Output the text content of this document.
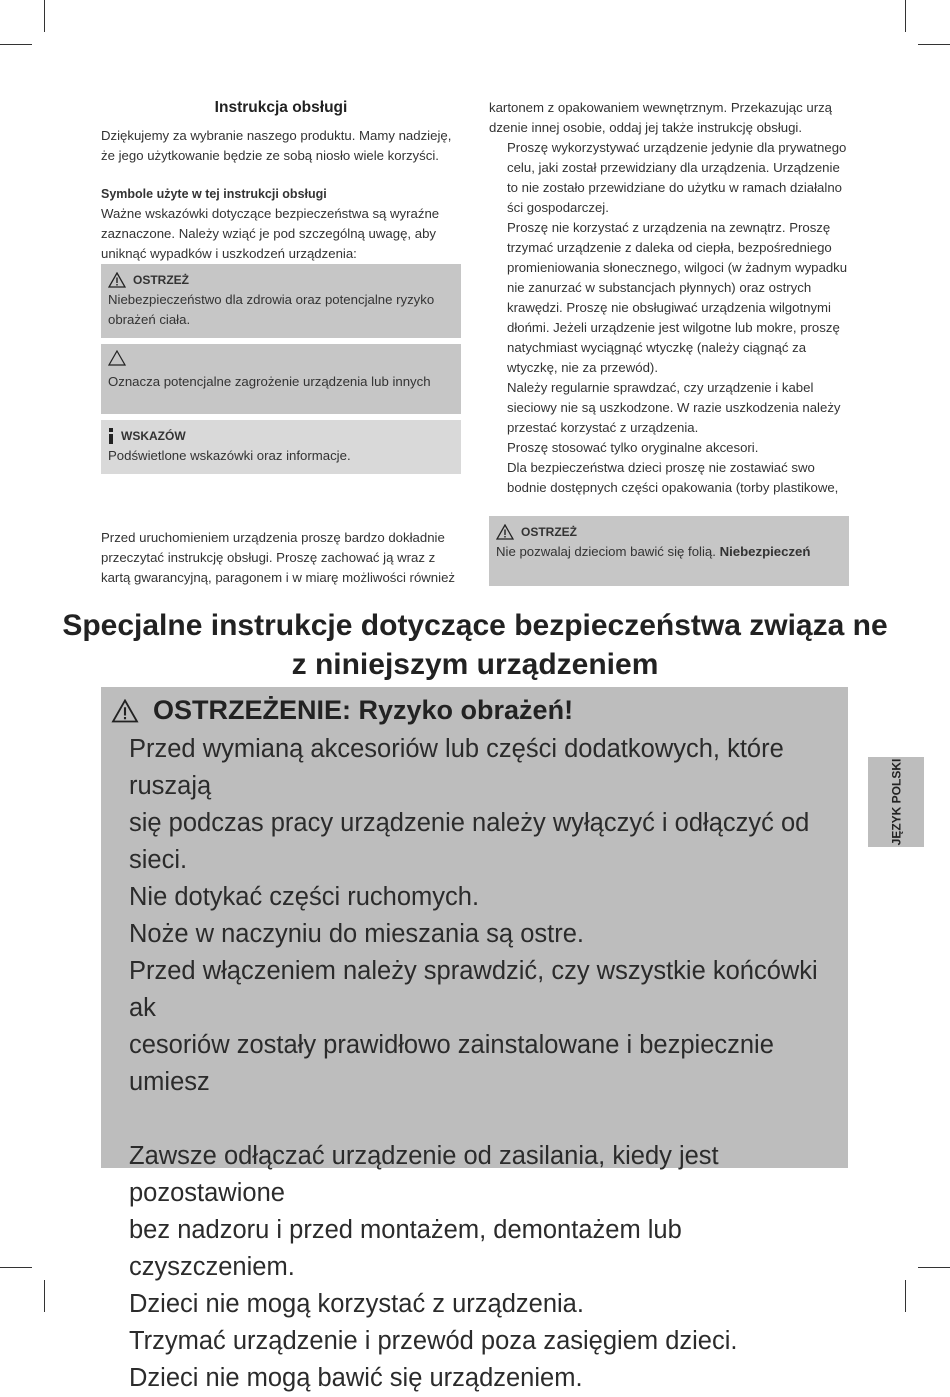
Instrukcja obsługi

Dziękujemy za wybranie naszego produktu. Mamy nadzieję, że jego użytkowanie będzie ze sobą niosło wiele korzyści.

Symbole użyte w tej instrukcji obsługi

Ważne wskazówki dotyczące bezpieczeństwa są wyraźne zaznaczone. Należy wziąć je pod szczególną uwagę, aby uniknąć wypadków i uszkodzeń urządzenia:

OSTRZEŻ

Niebezpieczeństwo dla zdrowia oraz potencjalne ryzyko obrażeń ciała.

Oznacza potencjalne zagrożenie urządzenia lub innych

WSKAZÓW

Podświetlone wskazówki oraz informacje.

Przed uruchomieniem urządzenia proszę bardzo dokładnie przeczytać instrukcję obsługi. Proszę zachować ją wraz z kartą gwarancyjną, paragonem i w miarę możliwości również

kartonem z opakowaniem wewnętrznym. Przekazując urzą dzenie innej osobie, oddaj jej także instrukcję obsługi.

Proszę wykorzystywać urządzenie jedynie dla prywatnego celu, jaki został przewidziany dla urządzenia. Urządzenie to nie zostało przewidziane do użytku w ramach działalno ści gospodarczej.

Proszę nie korzystać z urządzenia na zewnątrz. Proszę trzymać urządzenie z daleka od ciepła, bezpośredniego promieniowania słonecznego, wilgoci (w żadnym wypadku nie zanurzać w substancjach płynnych) oraz ostrych krawędzi. Proszę nie obsługiwać urządzenia wilgotnymi dłońmi. Jeżeli urządzenie jest wilgotne lub mokre, proszę natychmiast wyciągnąć wtyczkę (należy ciągnąć za wtyczkę, nie za przewód).

Należy regularnie sprawdzać, czy urządzenie i kabel sieciowy nie są uszkodzone. W razie uszkodzenia należy przestać korzystać z urządzenia.

Proszę stosować tylko oryginalne akcesori.

Dla bezpieczeństwa dzieci proszę nie zostawiać swo bodnie dostępnych części opakowania (torby plastikowe,

OSTRZEŻ

Nie pozwalaj dzieciom bawić się folią. Niebezpieczeń

Specjalne instrukcje dotyczące bezpieczeństwa związa ne z niniejszym urządzeniem
OSTRZEŻENIE: Ryzyko obrażeń!
Przed wymianą akcesoriów lub części dodatkowych, które ruszają
się podczas pracy urządzenie należy wyłączyć i odłączyć od sieci.
Nie dotykać części ruchomych.
Noże w naczyniu do mieszania są ostre.
Przed włączeniem należy sprawdzić, czy wszystkie końcówki ak
cesoriów zostały prawidłowo zainstalowane i bezpiecznie umiesz
Zawsze odłączać urządzenie od zasilania, kiedy jest pozostawione
bez nadzoru i przed montażem, demontażem lub czyszczeniem.
Dzieci nie mogą korzystać z urządzenia.
Trzymać urządzenie i przewód poza zasięgiem dzieci.
Dzieci nie mogą bawić się urządzeniem.
JĘZYK POLSKI
